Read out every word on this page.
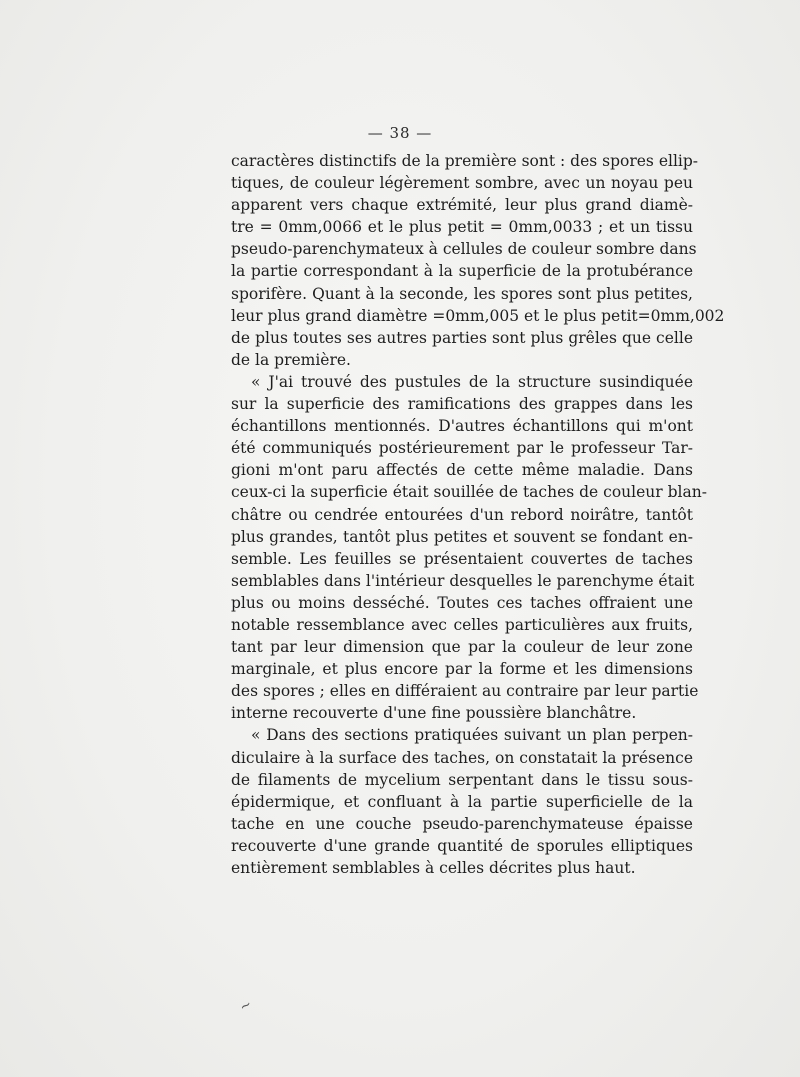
— 38 —
caractères distinctifs de la première sont : des spores ellip-
tiques, de couleur légèrement sombre, avec un noyau peu
apparent vers chaque extrémité, leur plus grand diamè-
tre = 0mm,0066 et le plus petit = 0mm,0033 ; et un tissu
pseudo-parenchymateux à cellules de couleur sombre dans
la partie correspondant à la superficie de la protubérance
sporifère. Quant à la seconde, les spores sont plus petites,
leur plus grand diamètre =0mm,005 et le plus petit=0mm,002
de plus toutes ses autres parties sont plus grêles que celle
de la première.
« J'ai trouvé des pustules de la structure susindiquée
sur la superficie des ramifications des grappes dans les
échantillons mentionnés. D'autres échantillons qui m'ont
été communiqués postérieurement par le professeur Tar-
gioni m'ont paru affectés de cette même maladie. Dans
ceux-ci la superficie était souillée de taches de couleur blan-
châtre ou cendrée entourées d'un rebord noirâtre, tantôt
plus grandes, tantôt plus petites et souvent se fondant en-
semble. Les feuilles se présentaient couvertes de taches
semblables dans l'intérieur desquelles le parenchyme était
plus ou moins desséché. Toutes ces taches offraient une
notable ressemblance avec celles particulières aux fruits,
tant par leur dimension que par la couleur de leur zone
marginale, et plus encore par la forme et les dimensions
des spores ; elles en différaient au contraire par leur partie
interne recouverte d'une fine poussière blanchâtre.
« Dans des sections pratiquées suivant un plan perpen-
diculaire à la surface des taches, on constatait la présence
de filaments de mycelium serpentant dans le tissu sous-
épidermique, et confluant à la partie superficielle de la
tache en une couche pseudo-parenchymateuse épaisse
recouverte d'une grande quantité de sporules elliptiques
entièrement semblables à celles décrites plus haut.
~
